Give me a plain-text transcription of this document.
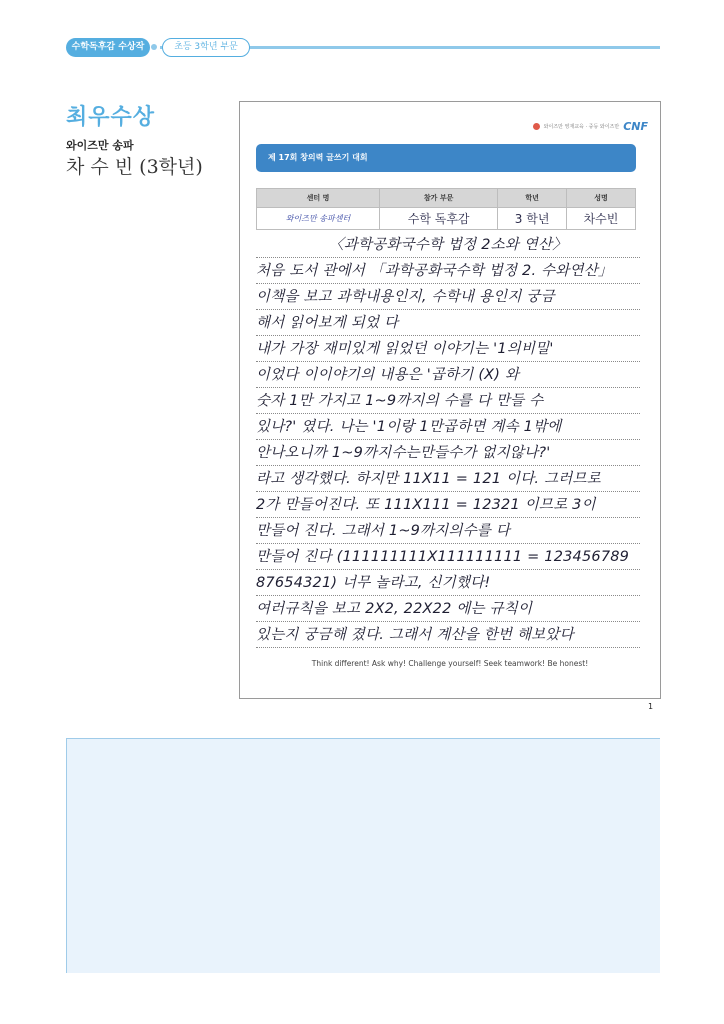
수학독후감 수상작	초등 3학년 부문
최우수상
와이즈만 송파
차 수 빈 (3학년)
와이즈만 영재교육 · 중등 와이즈만 CNF
제 17회 창의력 글쓰기 대회
센터 명	참가 부문	학년	성명
와이즈만 송파센터	수학 독후감	3 학년	차수빈
〈과학공화국수학 법정 2소와 연산〉
처음 도서 관에서 「과학공화국수학 법정 2. 수와연산」
이책을 보고 과학내용인지, 수학내 용인지 궁금
해서 읽어보게 되었 다
내가 가장 재미있게 읽었던 이야기는 '1의비밀'
이었다 이이야기의 내용은 '곱하기 (X) 와
숫자 1만 가지고 1~9까지의 수를 다 만들 수
있나?' 였다. 나는 '1이랑 1만곱하면 계속 1밖에
안나오니까 1~9까지수는만들수가 없지않나?'
라고 생각했다. 하지만 11X11 = 121 이다. 그러므로
2가 만들어진다. 또 111X111 = 12321 이므로 3이
만들어 진다. 그래서 1~9까지의수를 다
만들어 진다 (111111111X111111111 = 123456789
87654321) 너무 놀라고, 신기했다!
여러규칙을 보고 2X2, 22X22 에는 규칙이
있는지 궁금해 졌다. 그래서 계산을 한번 해보았다
Think different! Ask why! Challenge yourself! Seek teamwork! Be honest!
1
